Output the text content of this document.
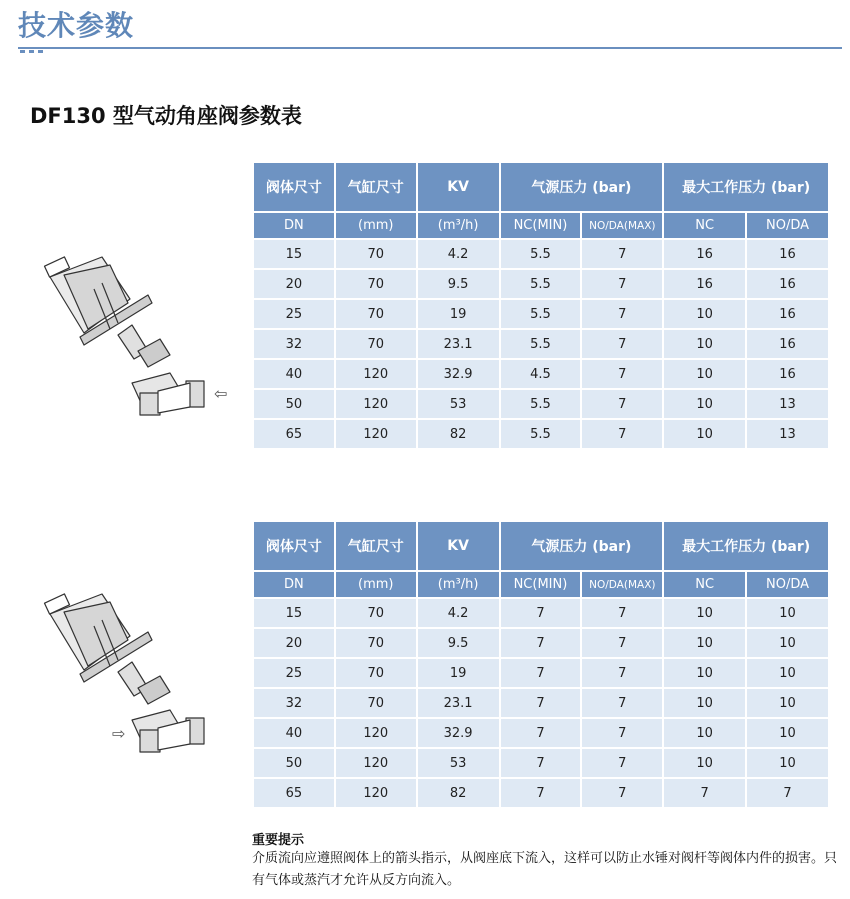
技术参数
DF130 型气动角座阀参数表
⇦
阀体尺寸	气缸尺寸	KV	气源压力 (bar)		最大工作压力 (bar)	
DN	(mm)	(m³/h)	NC(MIN)	NO/DA(MAX)	NC	NO/DA
15	70	4.2	5.5	7	16	16
20	70	9.5	5.5	7	16	16
25	70	19	5.5	7	10	16
32	70	23.1	5.5	7	10	16
40	120	32.9	4.5	7	10	16
50	120	53	5.5	7	10	13
65	120	82	5.5	7	10	13
⇨
阀体尺寸	气缸尺寸	KV	气源压力 (bar)		最大工作压力 (bar)	
DN	(mm)	(m³/h)	NC(MIN)	NO/DA(MAX)	NC	NO/DA
15	70	4.2	7	7	10	10
20	70	9.5	7	7	10	10
25	70	19	7	7	10	10
32	70	23.1	7	7	10	10
40	120	32.9	7	7	10	10
50	120	53	7	7	10	10
65	120	82	7	7	7	7
重要提示
介质流向应遵照阀体上的箭头指示，从阀座底下流入，这样可以防止水锤对阀杆等阀体内件的损害。只有气体或蒸汽才允许从反方向流入。
